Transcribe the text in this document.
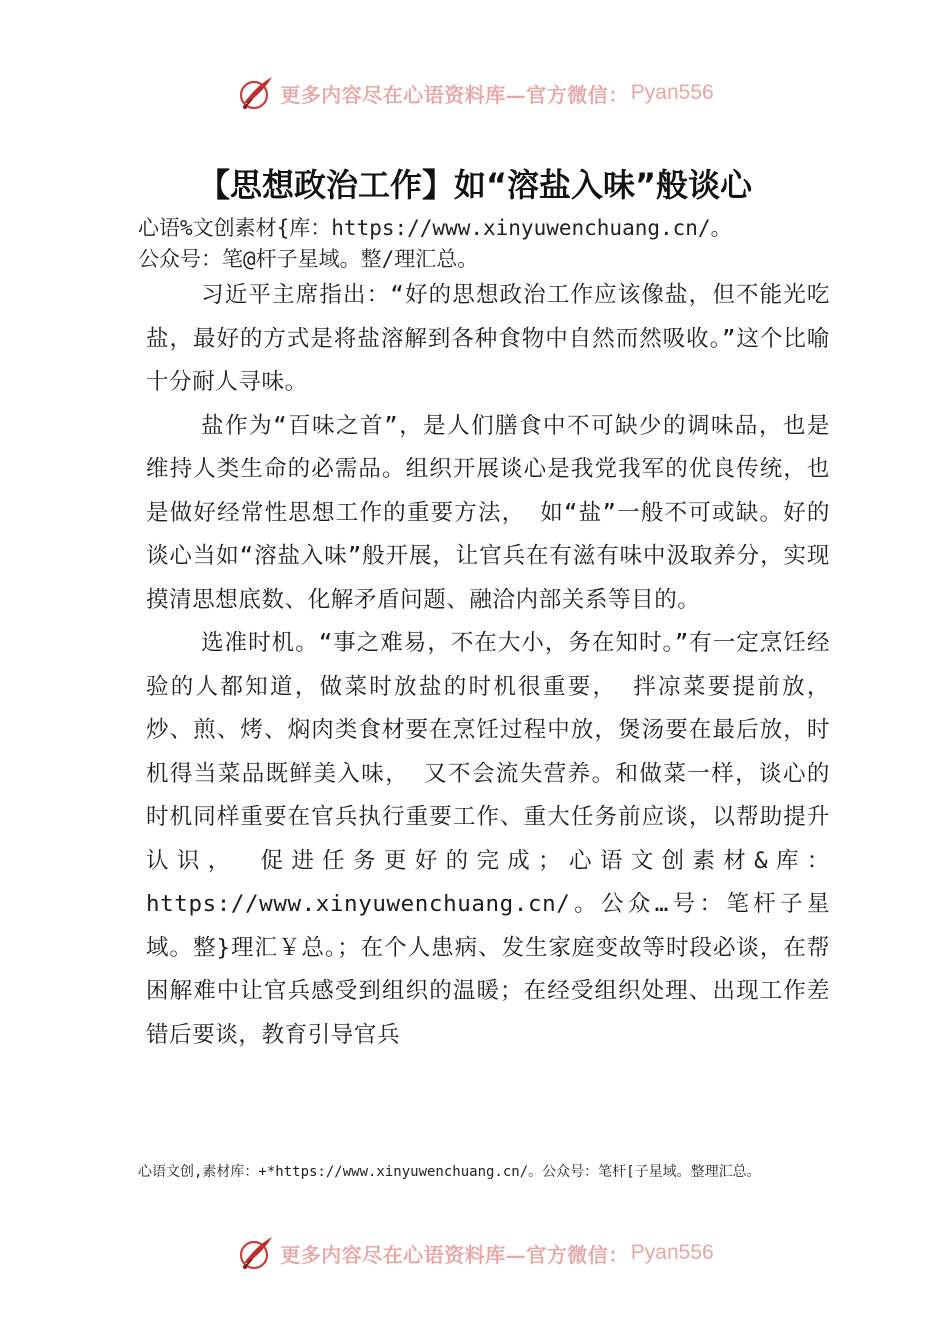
更多内容尽在心语资料库—官方微信： Pyan556
【思想政治工作】如“溶盐入味”般谈心
心语%文创素材{库：https://www.xinyuwenchuang.cn/。
公众号：笔@杆子星域。整/理汇总。

习近平主席指出：“好的思想政治工作应该像盐，但不能光吃盐，最好的方式是将盐溶解到各种食物中自然而然吸收。”这个比喻十分耐人寻味。

盐作为“百味之首”，是人们膳食中不可缺少的调味品，也是维持人类生命的必需品。组织开展谈心是我党我军的优良传统，也是做好经常性思想工作的重要方法， 如“盐”一般不可或缺。好的谈心当如“溶盐入味”般开展，让官兵在有滋有味中汲取养分，实现摸清思想底数、化解矛盾问题、融洽内部关系等目的。

选准时机。“事之难易，不在大小，务在知时。”有一定烹饪经验的人都知道，做菜时放盐的时机很重要， 拌凉菜要提前放，炒、煎、烤、焖肉类食材要在烹饪过程中放，煲汤要在最后放，时机得当菜品既鲜美入味， 又不会流失营养。和做菜一样，谈心的时机同样重要在官兵执行重要工作、重大任务前应谈，以帮助提升认识， 促进任务更好的完成；心语文创素材&库：https://www.xinyuwenchuang.cn/。公众…号：笔杆子星域。整}理汇￥总。；在个人患病、发生家庭变故等时段必谈，在帮困解难中让官兵感受到组织的温暖；在经受组织处理、出现工作差错后要谈，教育引导官兵

心语文创,素材库：+*https://www.xinyuwenchuang.cn/。公众号：笔杆[子星域。整理汇总。
更多内容尽在心语资料库—官方微信： Pyan556
